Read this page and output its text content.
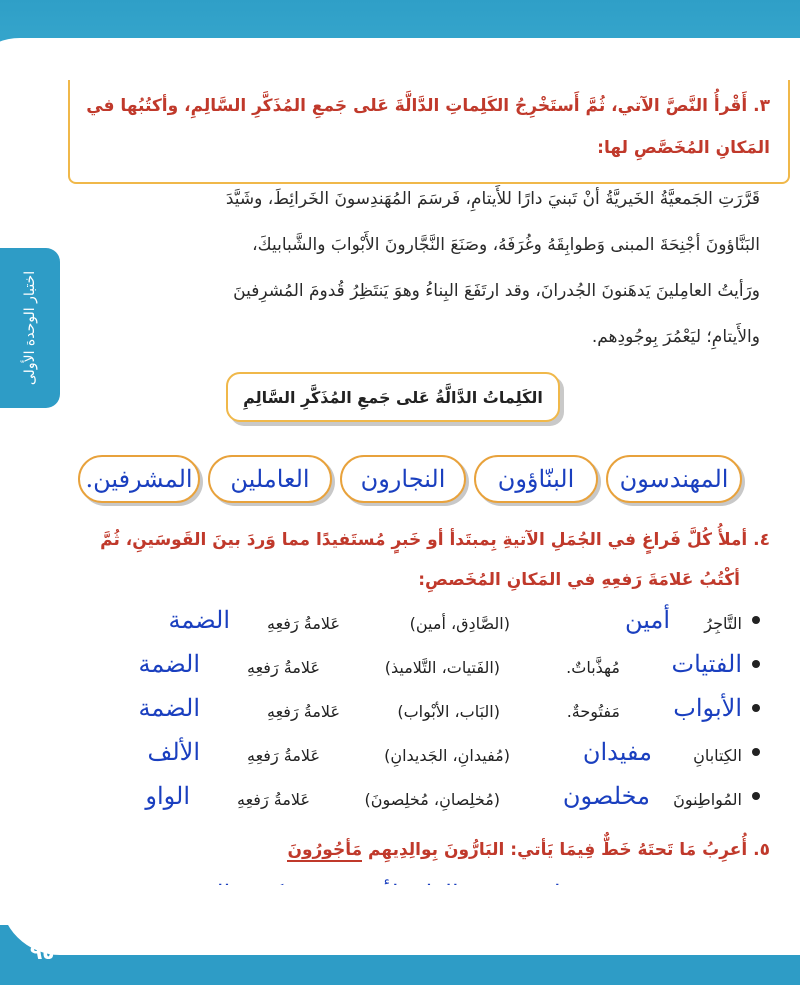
اختبار الوحدة الأولى
٣. أَقْرأُ النَّصَّ الآتي، ثُمَّ أَستَخْرِجُ الكَلِماتِ الدَّالَّةَ عَلى جَمعِ المُذَكَّرِ السَّالِمِ، وأكتُبُها في
المَكانِ المُخَصَّصِ لها:
قَرَّرَتِ الجَمعيَّةُ الخَيريَّةُ أنْ تَبنيَ دارًا للأَيتامِ، فَرسَمَ المُهَندِسونَ الخَرائِطَ، وشَيَّدَ
البَنَّاؤونَ أجْنِحَةَ المبنى وَطوابِقَهُ وغُرَفَهُ، وصَنَعَ النَّجَّارونَ الأَبْوابَ والشَّبابيكَ،
ورَأيتُ العامِلينَ يَدهَنونَ الجُدرانَ، وقد ارتَفَعَ البِناءُ وهوَ يَنتَظِرُ قُدومَ المُشرِفينَ
والأَيتامِ؛ ليَعْمُرَ بِوجُودِهم.
الكَلِماتُ الدَّالَّةُ عَلى جَمعِ المُذَكَّرِ السَّالِمِ
المهندسون
البنّاؤون
النجارون
العاملين
المشرفين.
٤. أملأُ كُلَّ فَراغٍ في الجُمَلِ الآتيةِ بِمبتَدأ أو خَبرٍ مُستَفيدًا مما وَردَ بينَ القَوسَينِ، ثُمَّ
أكْتُبُ عَلامَةَ رَفعِهِ في المَكانِ المُخَصصِ:
التَّاجِرُ
أمين
(الصَّادِق، أمين)
عَلامةُ رَفعِهِ
الضمة
الفتيات
مُهذَّباتٌ.
(الفَتيات، التَّلاميذ)
عَلامةُ رَفعِهِ
الضمة
الأبواب
مَفتُوحةٌ.
(البَاب، الأبْواب)
عَلامةُ رَفعِهِ
الضمة
الكِتابانِ
مفيدان
(مُفيدانِ، الجَديدانِ)
عَلامةُ رَفعِهِ
الألف
المُواطِنونَ
مخلصون
(مُخلِصانِ، مُخلِصونَ)
عَلامةُ رَفعِهِ
الواو
٥. أُعرِبُ مَا تَحتَهُ خَطٌّ فِيمَا يَأتي: البَارُّونَ بِوالِدِيهِم مَأجُورُونَ
٩٥
